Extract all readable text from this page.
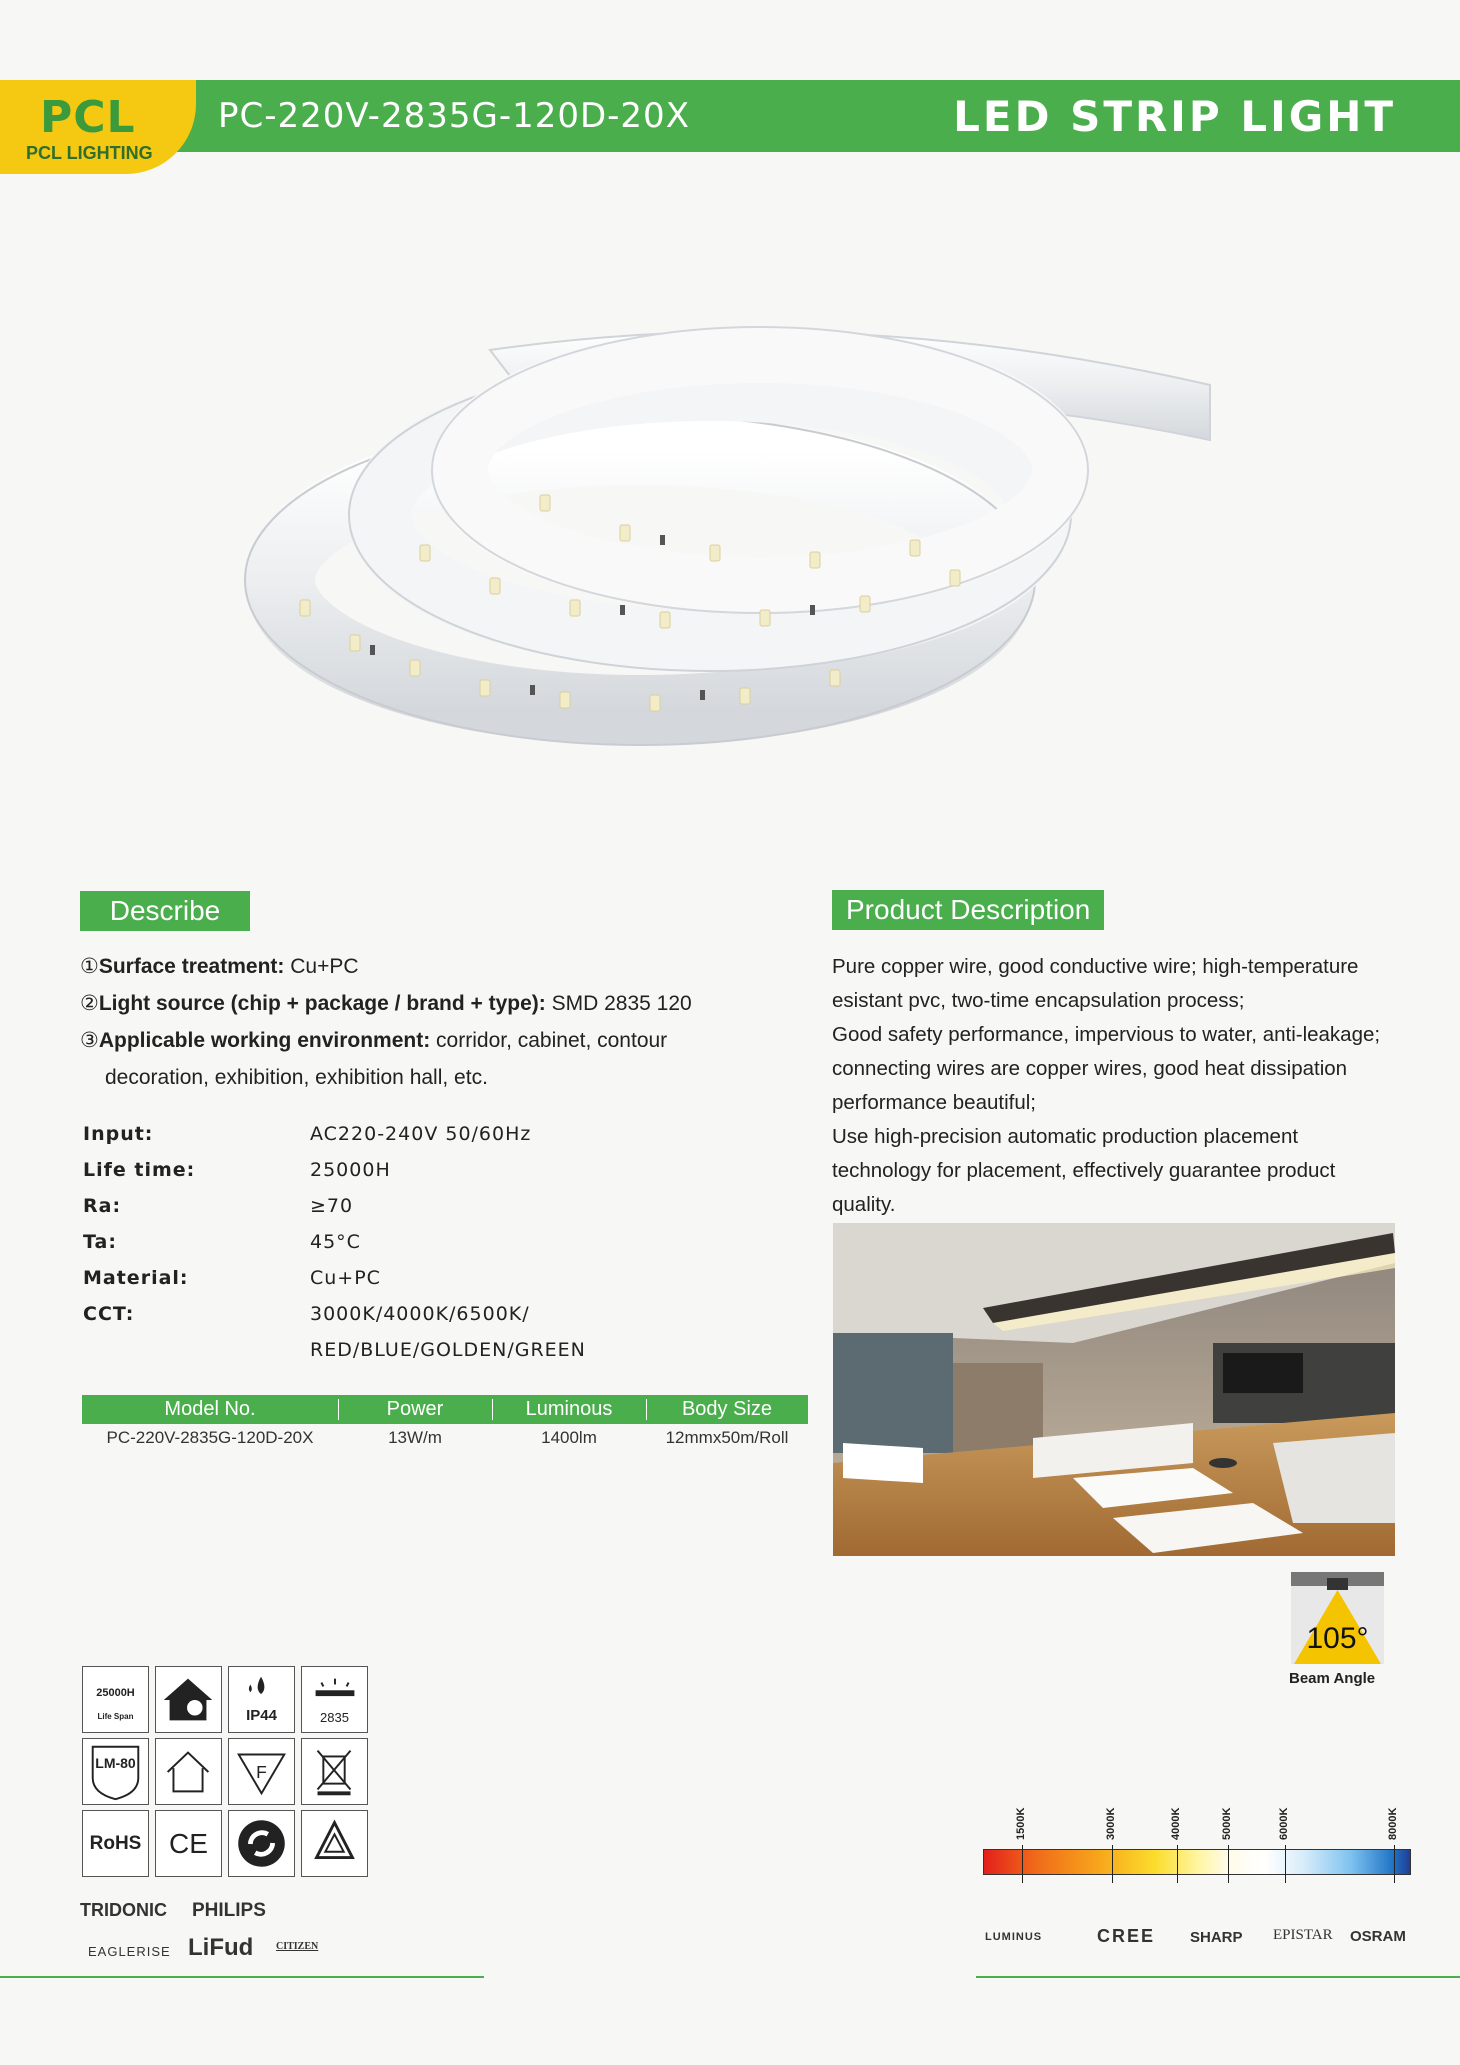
PCL
PCL LIGHTING
PC-220V-2835G-120D-20X	LED STRIP LIGHT
Describe
①Surface treatment: Cu+PC
②Light source (chip + package / brand + type): SMD 2835 120
③Applicable working environment: corridor, cabinet, contour
decoration, exhibition, exhibition hall, etc.
Input:	AC220-240V 50/60Hz
Life time:	25000H
Ra:	≥70
Ta:	45°C
Material:	Cu+PC
CCT:	3000K/4000K/6500K/
RED/BLUE/GOLDEN/GREEN
Model No.	Power	Luminous	Body Size
PC-220V-2835G-120D-20X	13W/m	1400lm	12mmx50m/Roll
Product Description
Pure copper wire, good conductive wire; high-temperature
esistant pvc, two-time encapsulation process;
Good safety performance, impervious to water, anti-leakage;
connecting wires are copper wires, good heat dissipation
performance beautiful;
Use high-precision automatic production placement
technology for placement, effectively guarantee product
quality.
105°
Beam Angle
25000H
Life Span	IP44	2835
LM-80	F
RoHS CE
TRIDONIC PHILIPS
EAGLERISE LiFud CITIZEN
1500K	3000K	4000K	5000K	6000K	8000K
LUMINUS	CREE SHARP EPISTAR OSRAM
